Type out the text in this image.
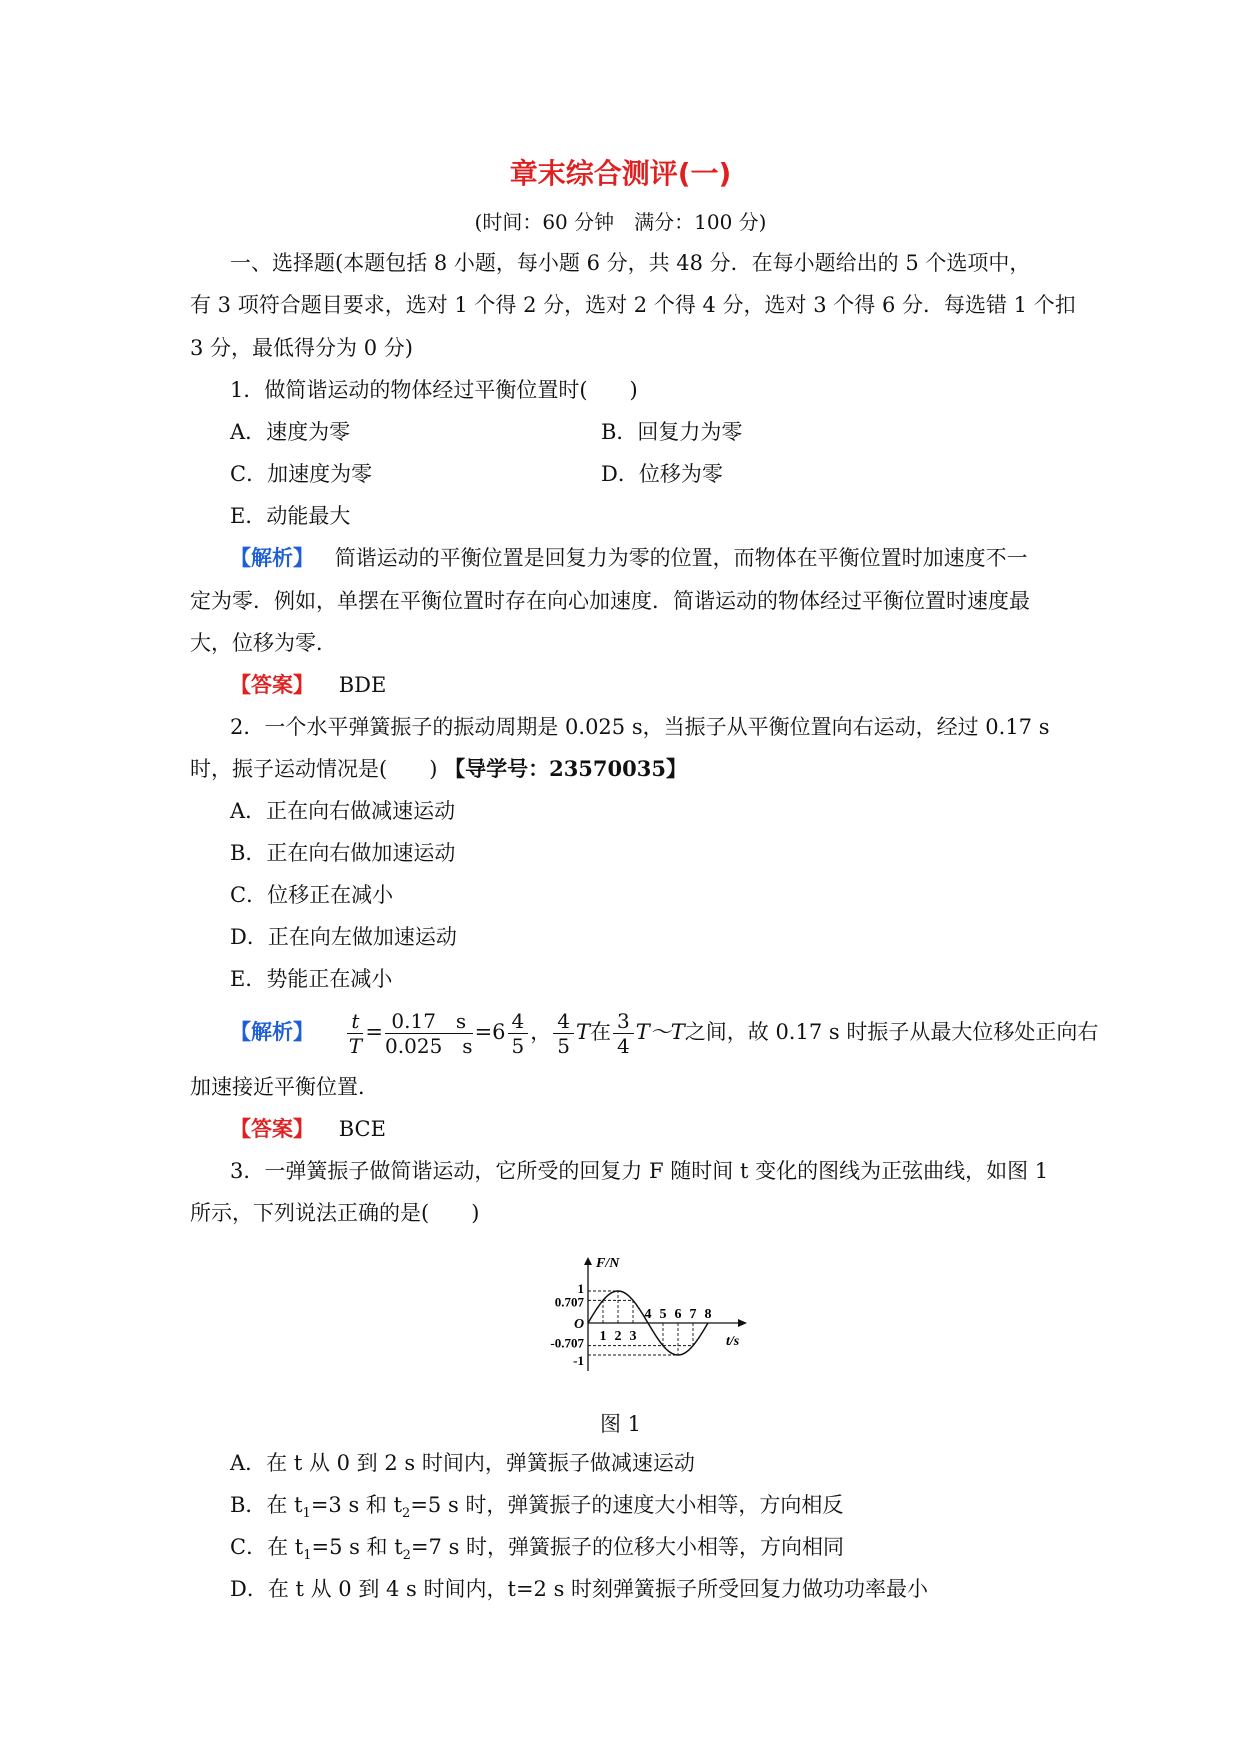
章末综合测评(一)
(时间：60 分钟　满分：100 分)
一、选择题(本题包括 8 小题，每小题 6 分，共 48 分．在每小题给出的 5 个选项中，
有 3 项符合题目要求，选对 1 个得 2 分，选对 2 个得 4 分，选对 3 个得 6 分．每选错 1 个扣
3 分，最低得分为 0 分)
1．做简谐运动的物体经过平衡位置时(　　)
A．速度为零	B．回复力为零
C．加速度为零	D．位移为零
E．动能最大
【解析】 简谐运动的平衡位置是回复力为零的位置，而物体在平衡位置时加速度不一
定为零．例如，单摆在平衡位置时存在向心加速度．简谐运动的物体经过平衡位置时速度最
大，位移为零．
【答案】 BDE
2．一个水平弹簧振子的振动周期是 0.025 s，当振子从平衡位置向右运动，经过 0.17 s
时，振子运动情况是(　　) 【导学号：23570035】
A．正在向右做减速运动
B．正在向右做加速运动
C．位移正在减小
D．正在向左做加速运动
E．势能正在减小
【解析】 $\frac{t}{T} = \frac{0.17 s}{0.025 s} =6 \frac{4}{5}$ ， $\frac{4}{5}$ T在 $\frac{3}{4}$ T～T之间，故 0.17 s 时振子从最大位移处正向右
加速接近平衡位置．
【答案】 BCE
3．一弹簧振子做简谐运动，它所受的回复力 F 随时间 t 变化的图线为正弦曲线，如图 1
所示，下列说法正确的是(　　)
F/N
t/s
O
1
0.707
-0.707
-1
1 2 3
4 5 6 7 8
图 1
A．在 t 从 0 到 2 s 时间内，弹簧振子做减速运动
B．在 $t_1=3$ s 和 $t_2=5$ s 时，弹簧振子的速度大小相等，方向相反
C．在 $t_1=5$ s 和 $t_2=7$ s 时，弹簧振子的位移大小相等，方向相同
D．在 t 从 0 到 4 s 时间内，t=2 s 时刻弹簧振子所受回复力做功功率最小
